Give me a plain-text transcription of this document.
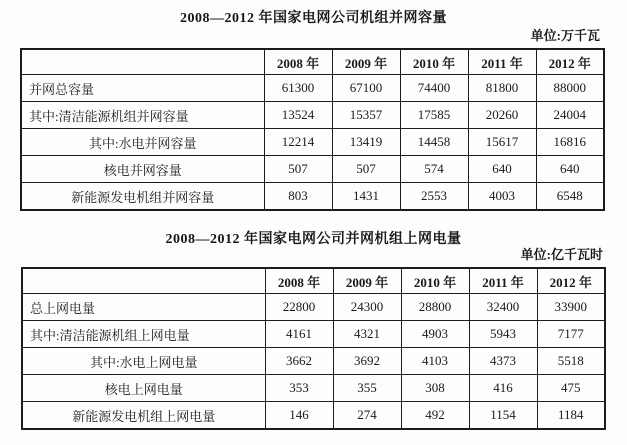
2008—2012 年国家电网公司机组并网容量
单位:万千瓦
	2008 年	2009 年	2010 年	2011 年	2012 年
并网总容量	61300	67100	74400	81800	88000
其中:清洁能源机组并网容量	13524	15357	17585	20260	24004
其中:水电并网容量	12214	13419	14458	15617	16816
核电并网容量	507	507	574	640	640
新能源发电机组并网容量	803	1431	2553	4003	6548
2008—2012 年国家电网公司并网机组上网电量
单位:亿千瓦时
	2008 年	2009 年	2010 年	2011 年	2012 年
总上网电量	22800	24300	28800	32400	33900
其中:清洁能源机组上网电量	4161	4321	4903	5943	7177
其中:水电上网电量	3662	3692	4103	4373	5518
核电上网电量	353	355	308	416	475
新能源发电机组上网电量	146	274	492	1154	1184
